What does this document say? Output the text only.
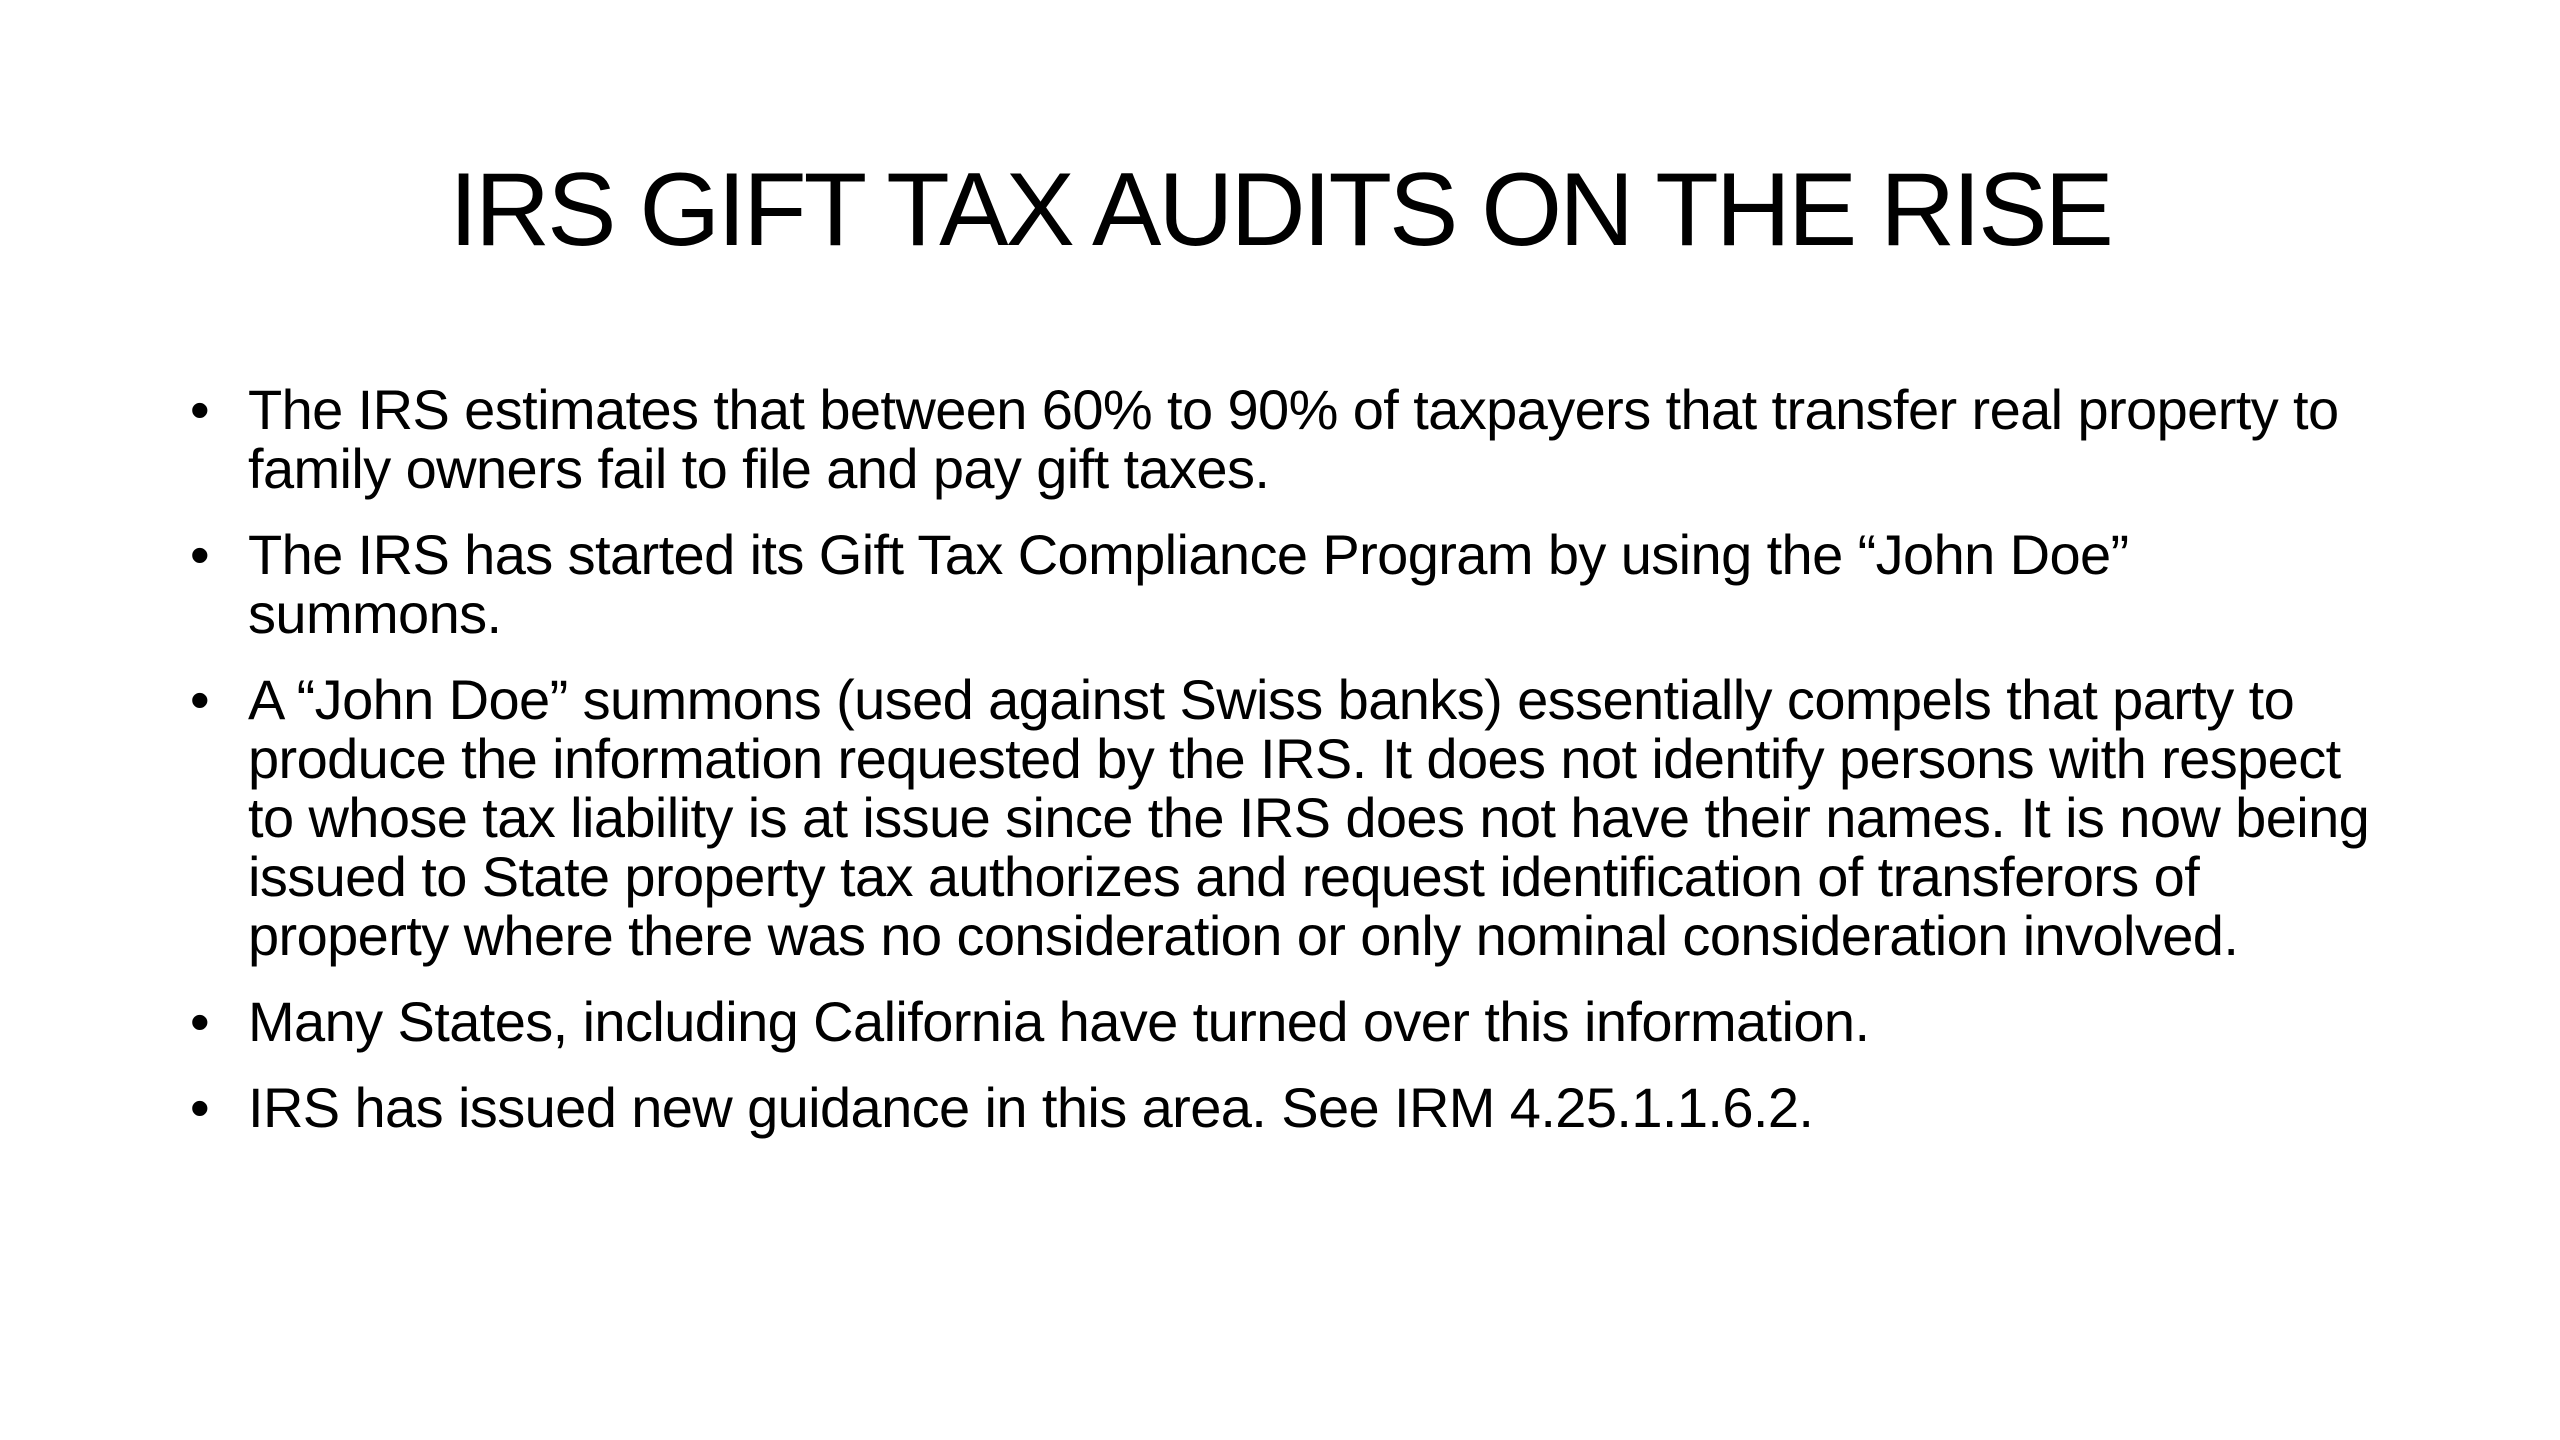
IRS GIFT TAX AUDITS ON THE RISE
• The IRS estimates that between 60% to 90% of taxpayers that transfer real property to family owners fail to file and pay gift taxes.
• The IRS has started its Gift Tax Compliance Program by using the “John Doe” summons.
• A “John Doe” summons (used against Swiss banks) essentially compels that party to produce the information requested by the IRS. It does not identify persons with respect to whose tax liability is at issue since the IRS does not have their names. It is now being issued to State property tax authorizes and request identification of transferors of property where there was no consideration or only nominal consideration involved.
• Many States, including California have turned over this information.
• IRS has issued new guidance in this area. See IRM 4.25.1.1.6.2.
